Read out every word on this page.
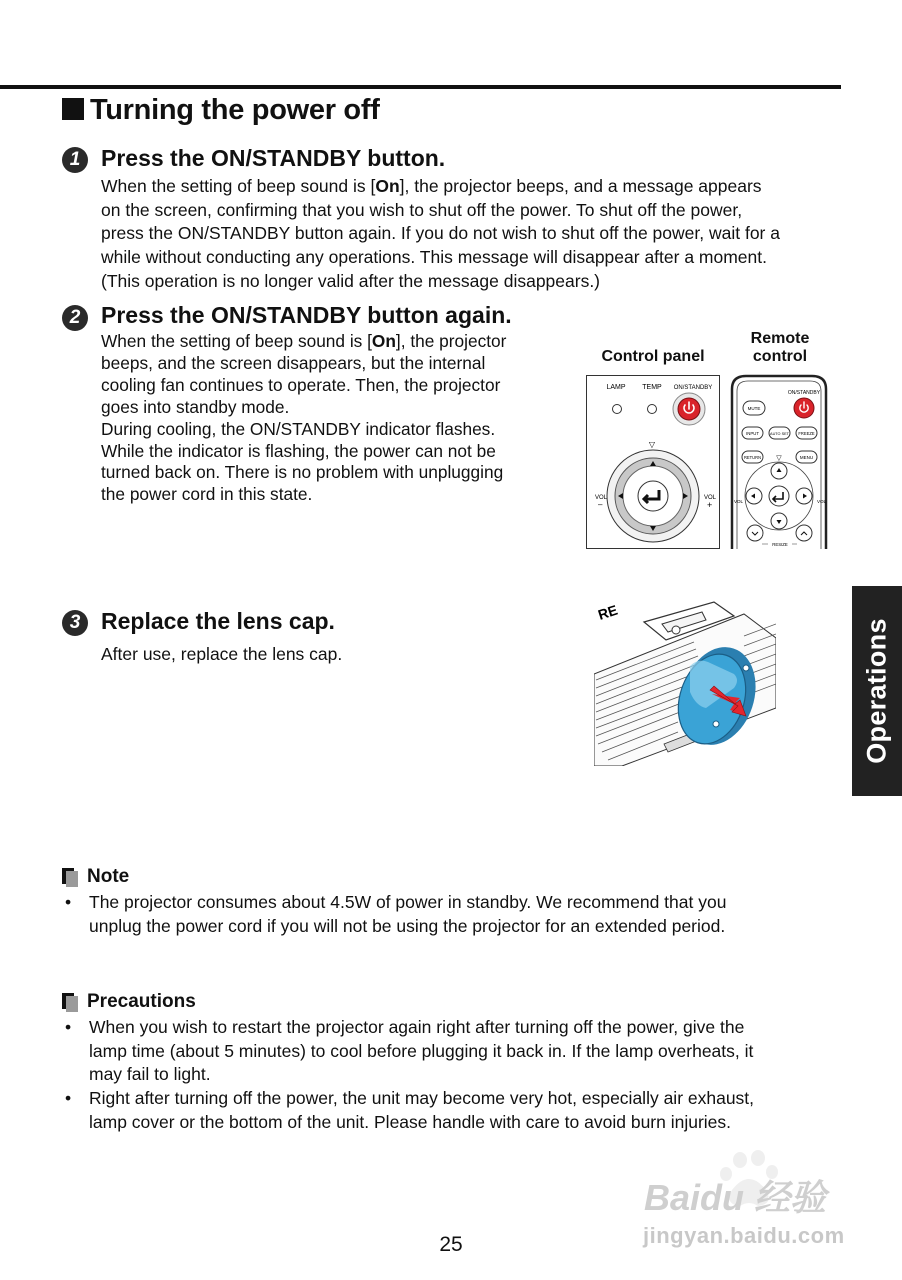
Turning the power off
1 Press the ON/STANDBY button.

When the setting of beep sound is [On], the projector beeps, and a message appears
on the screen, confirming that you wish to shut off the power. To shut off the power,
press the ON/STANDBY button again. If you do not wish to shut off the power, wait for a
while without conducting any operations. This message will disappear after a moment.
(This operation is no longer valid after the message disappears.)

2 Press the ON/STANDBY button again.

When the setting of beep sound is [On], the projector
beeps, and the screen disappears, but the internal
cooling fan continues to operate. Then, the projector
goes into standby mode.
During cooling, the ON/STANDBY indicator flashes.
While the indicator is flashing, the power can not be
turned back on. There is no problem with unplugging
the power cord in this state.

Control panel
Remote
control
LAMP TEMP ON/STANDBY
▽
VOL
–
VOL
+
ON/STANDBY
MUTE
INPUT	AUTO SET FREEZE
RETURN	MENU
▽
VOL	VOL
RESIZE
3 Replace the lens cap.

After use, replace the lens cap.

RE
Operations
Note
• The projector consumes about 4.5W of power in standby. We recommend that you
unplug the power cord if you will not be using the projector for an extended period.
Precautions
• When you wish to restart the projector again right after turning off the power, give the
lamp time (about 5 minutes) to cool before plugging it back in. If the lamp overheats, it
may fail to light.
• Right after turning off the power, the unit may become very hot, especially air exhaust,
lamp cover or the bottom of the unit. Please handle with care to avoid burn injuries.
Baidu 经验
jingyan.baidu.com
25
